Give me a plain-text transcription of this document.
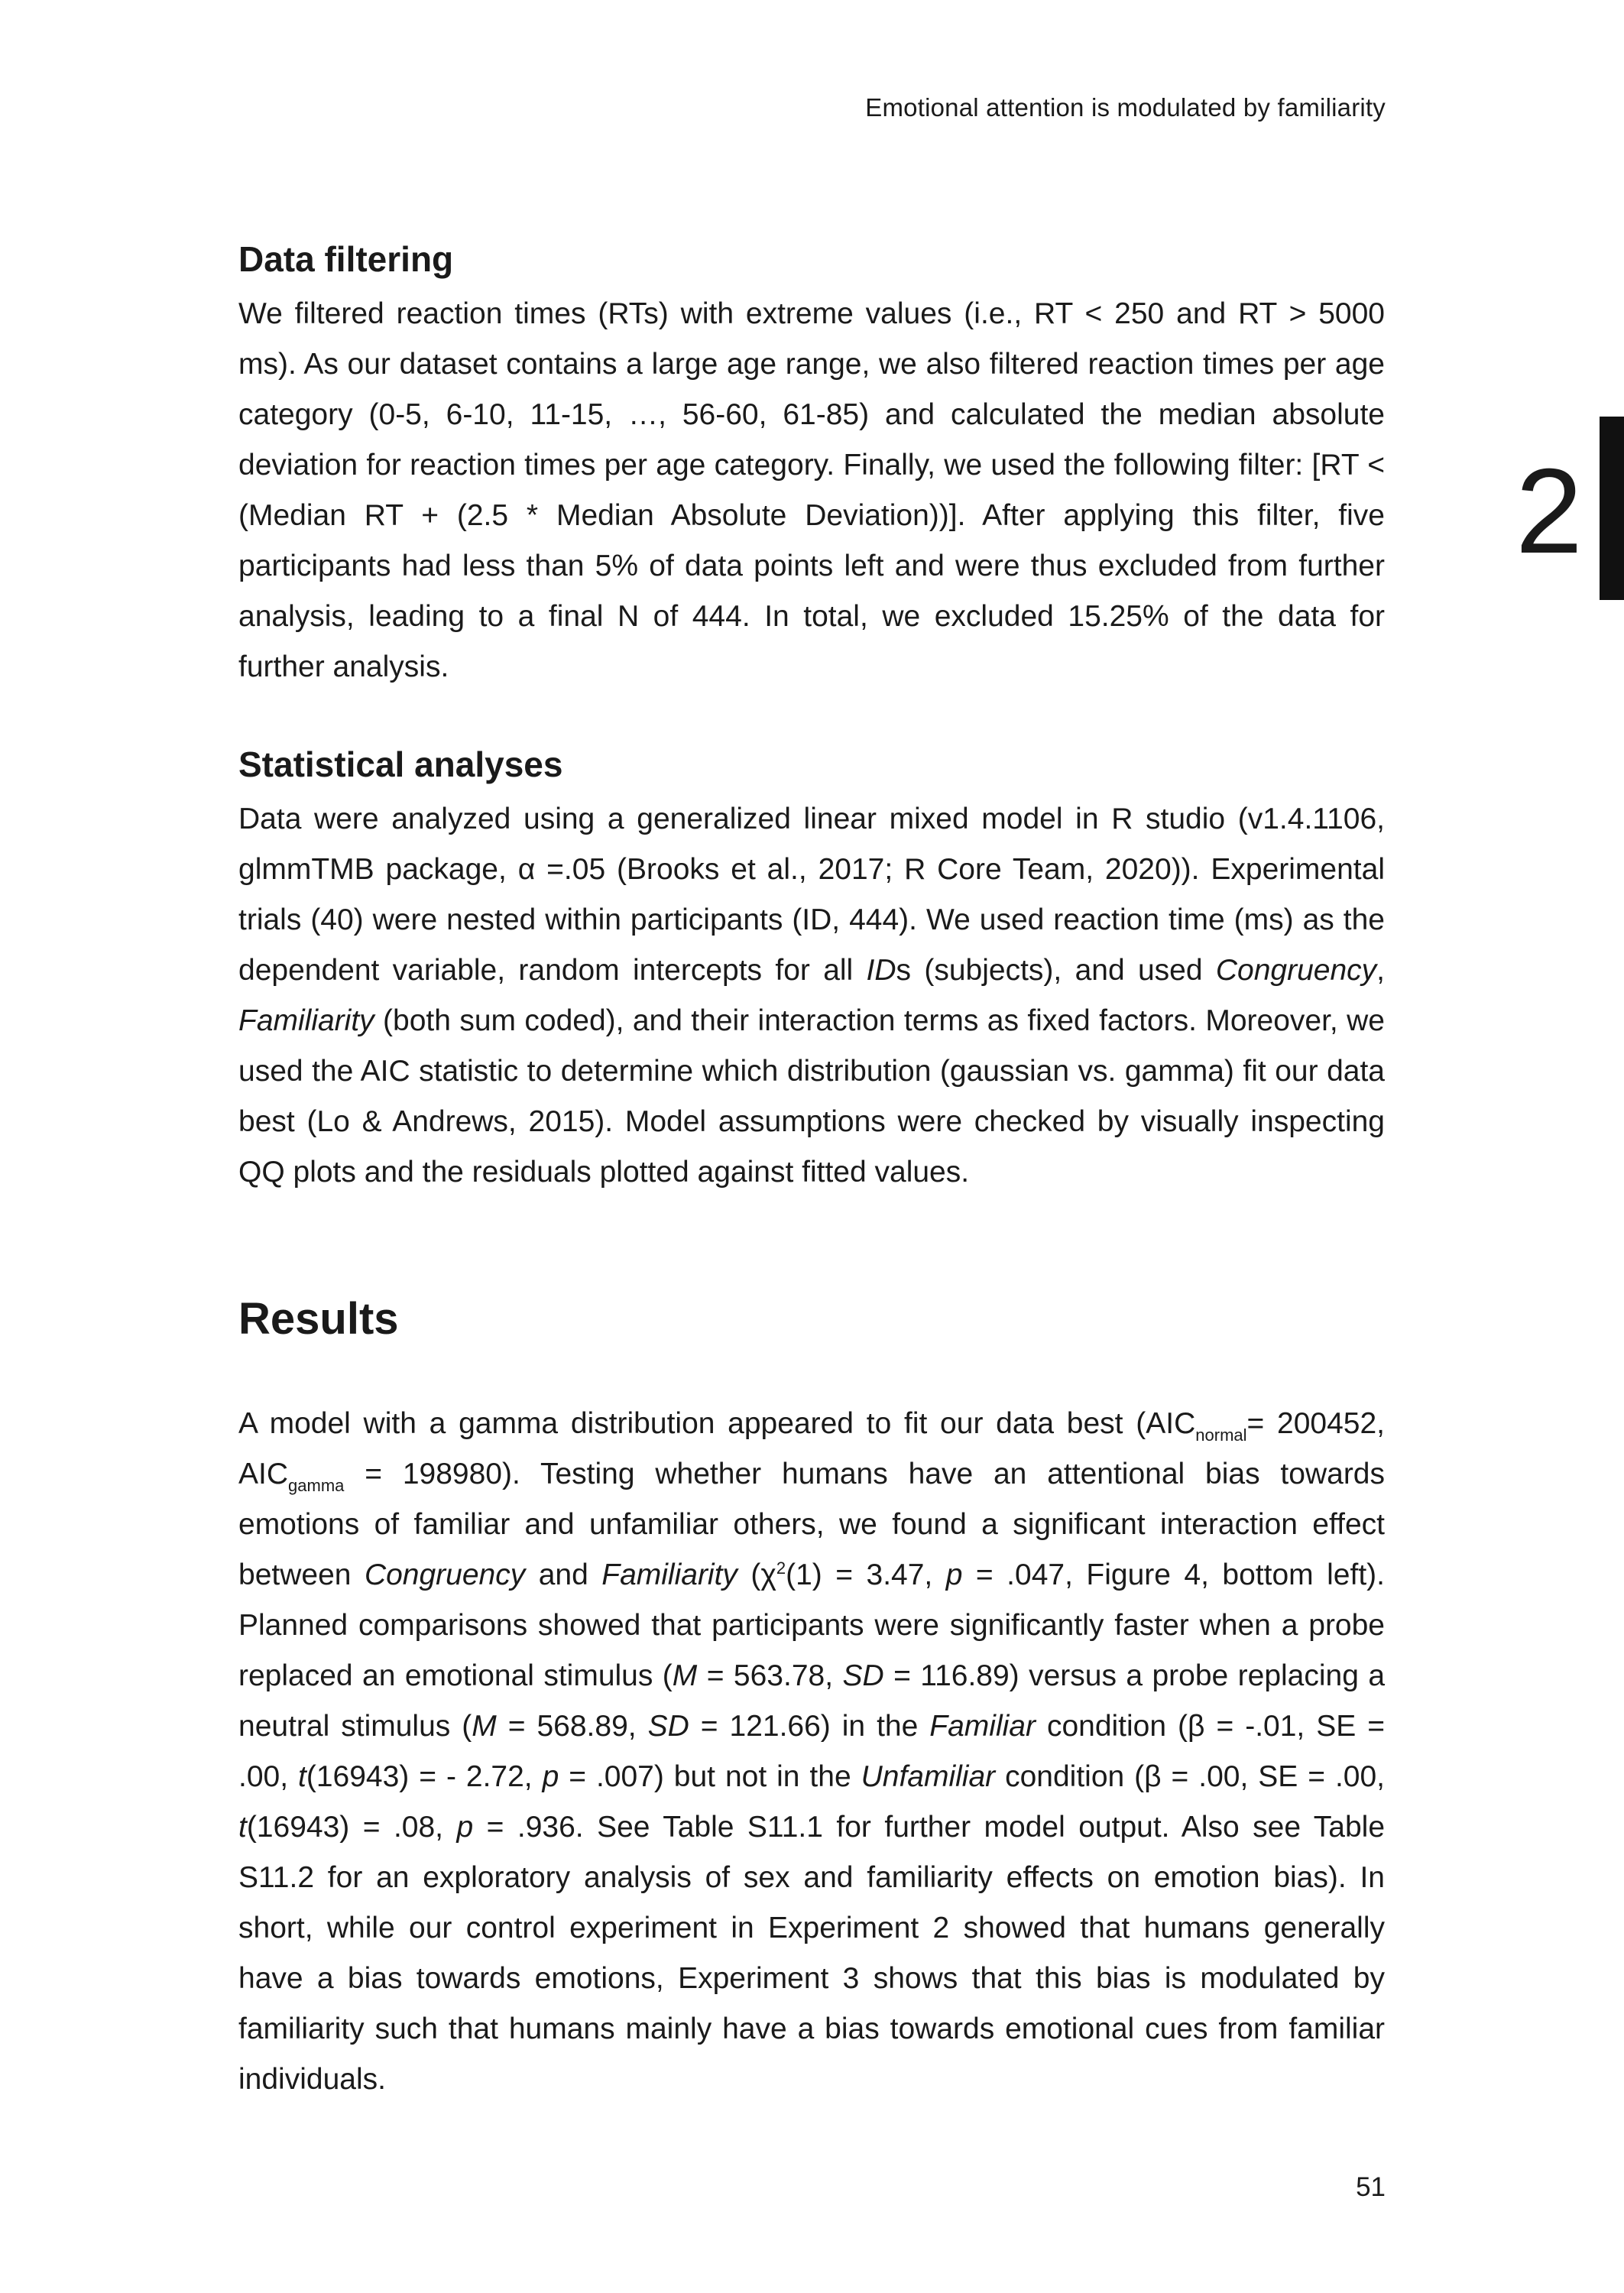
Emotional attention is modulated by familiarity
2
Data filtering

We filtered reaction times (RTs) with extreme values (i.e., RT < 250 and RT > 5000 ms). As our dataset contains a large age range, we also filtered reaction times per age category (0-5, 6-10, 11-15, …, 56-60, 61-85) and calculated the median absolute deviation for reaction times per age category. Finally, we used the following filter: [RT < (Median RT + (2.5 * Median Absolute Deviation))]. After applying this filter, five participants had less than 5% of data points left and were thus excluded from further analysis, leading to a final N of 444. In total, we excluded 15.25% of the data for further analysis.

Statistical analyses

Data were analyzed using a generalized linear mixed model in R studio (v1.4.1106, glmmTMB package, α =.05 (Brooks et al., 2017; R Core Team, 2020)). Experimental trials (40) were nested within participants (ID, 444). We used reaction time (ms) as the dependent variable, random intercepts for all IDs (subjects), and used Congruency, Familiarity (both sum coded), and their interaction terms as fixed factors. Moreover, we used the AIC statistic to determine which distribution (gaussian vs. gamma) fit our data best (Lo & Andrews, 2015). Model assumptions were checked by visually inspecting QQ plots and the residuals plotted against fitted values.

Results

A model with a gamma distribution appeared to fit our data best ($AIC_{normal}= 200452$, $AIC_{gamma} = 198980$). Testing whether humans have an attentional bias towards emotions of familiar and unfamiliar others, we found a significant interaction effect between Congruency and Familiarity ($\chi^2(1) = 3.47$, p = .047, Figure 4, bottom left). Planned comparisons showed that participants were significantly faster when a probe replaced an emotional stimulus (M = 563.78, SD = 116.89) versus a probe replacing a neutral stimulus (M = 568.89, SD = 121.66) in the Familiar condition (β = -.01, SE = .00, t(16943) = - 2.72, p = .007) but not in the Unfamiliar condition (β = .00, SE = .00, t(16943) = .08, p = .936. See Table S11.1 for further model output. Also see Table S11.2 for an exploratory analysis of sex and familiarity effects on emotion bias). In short, while our control experiment in Experiment 2 showed that humans generally have a bias towards emotions, Experiment 3 shows that this bias is modulated by familiarity such that humans mainly have a bias towards emotional cues from familiar individuals.

51
